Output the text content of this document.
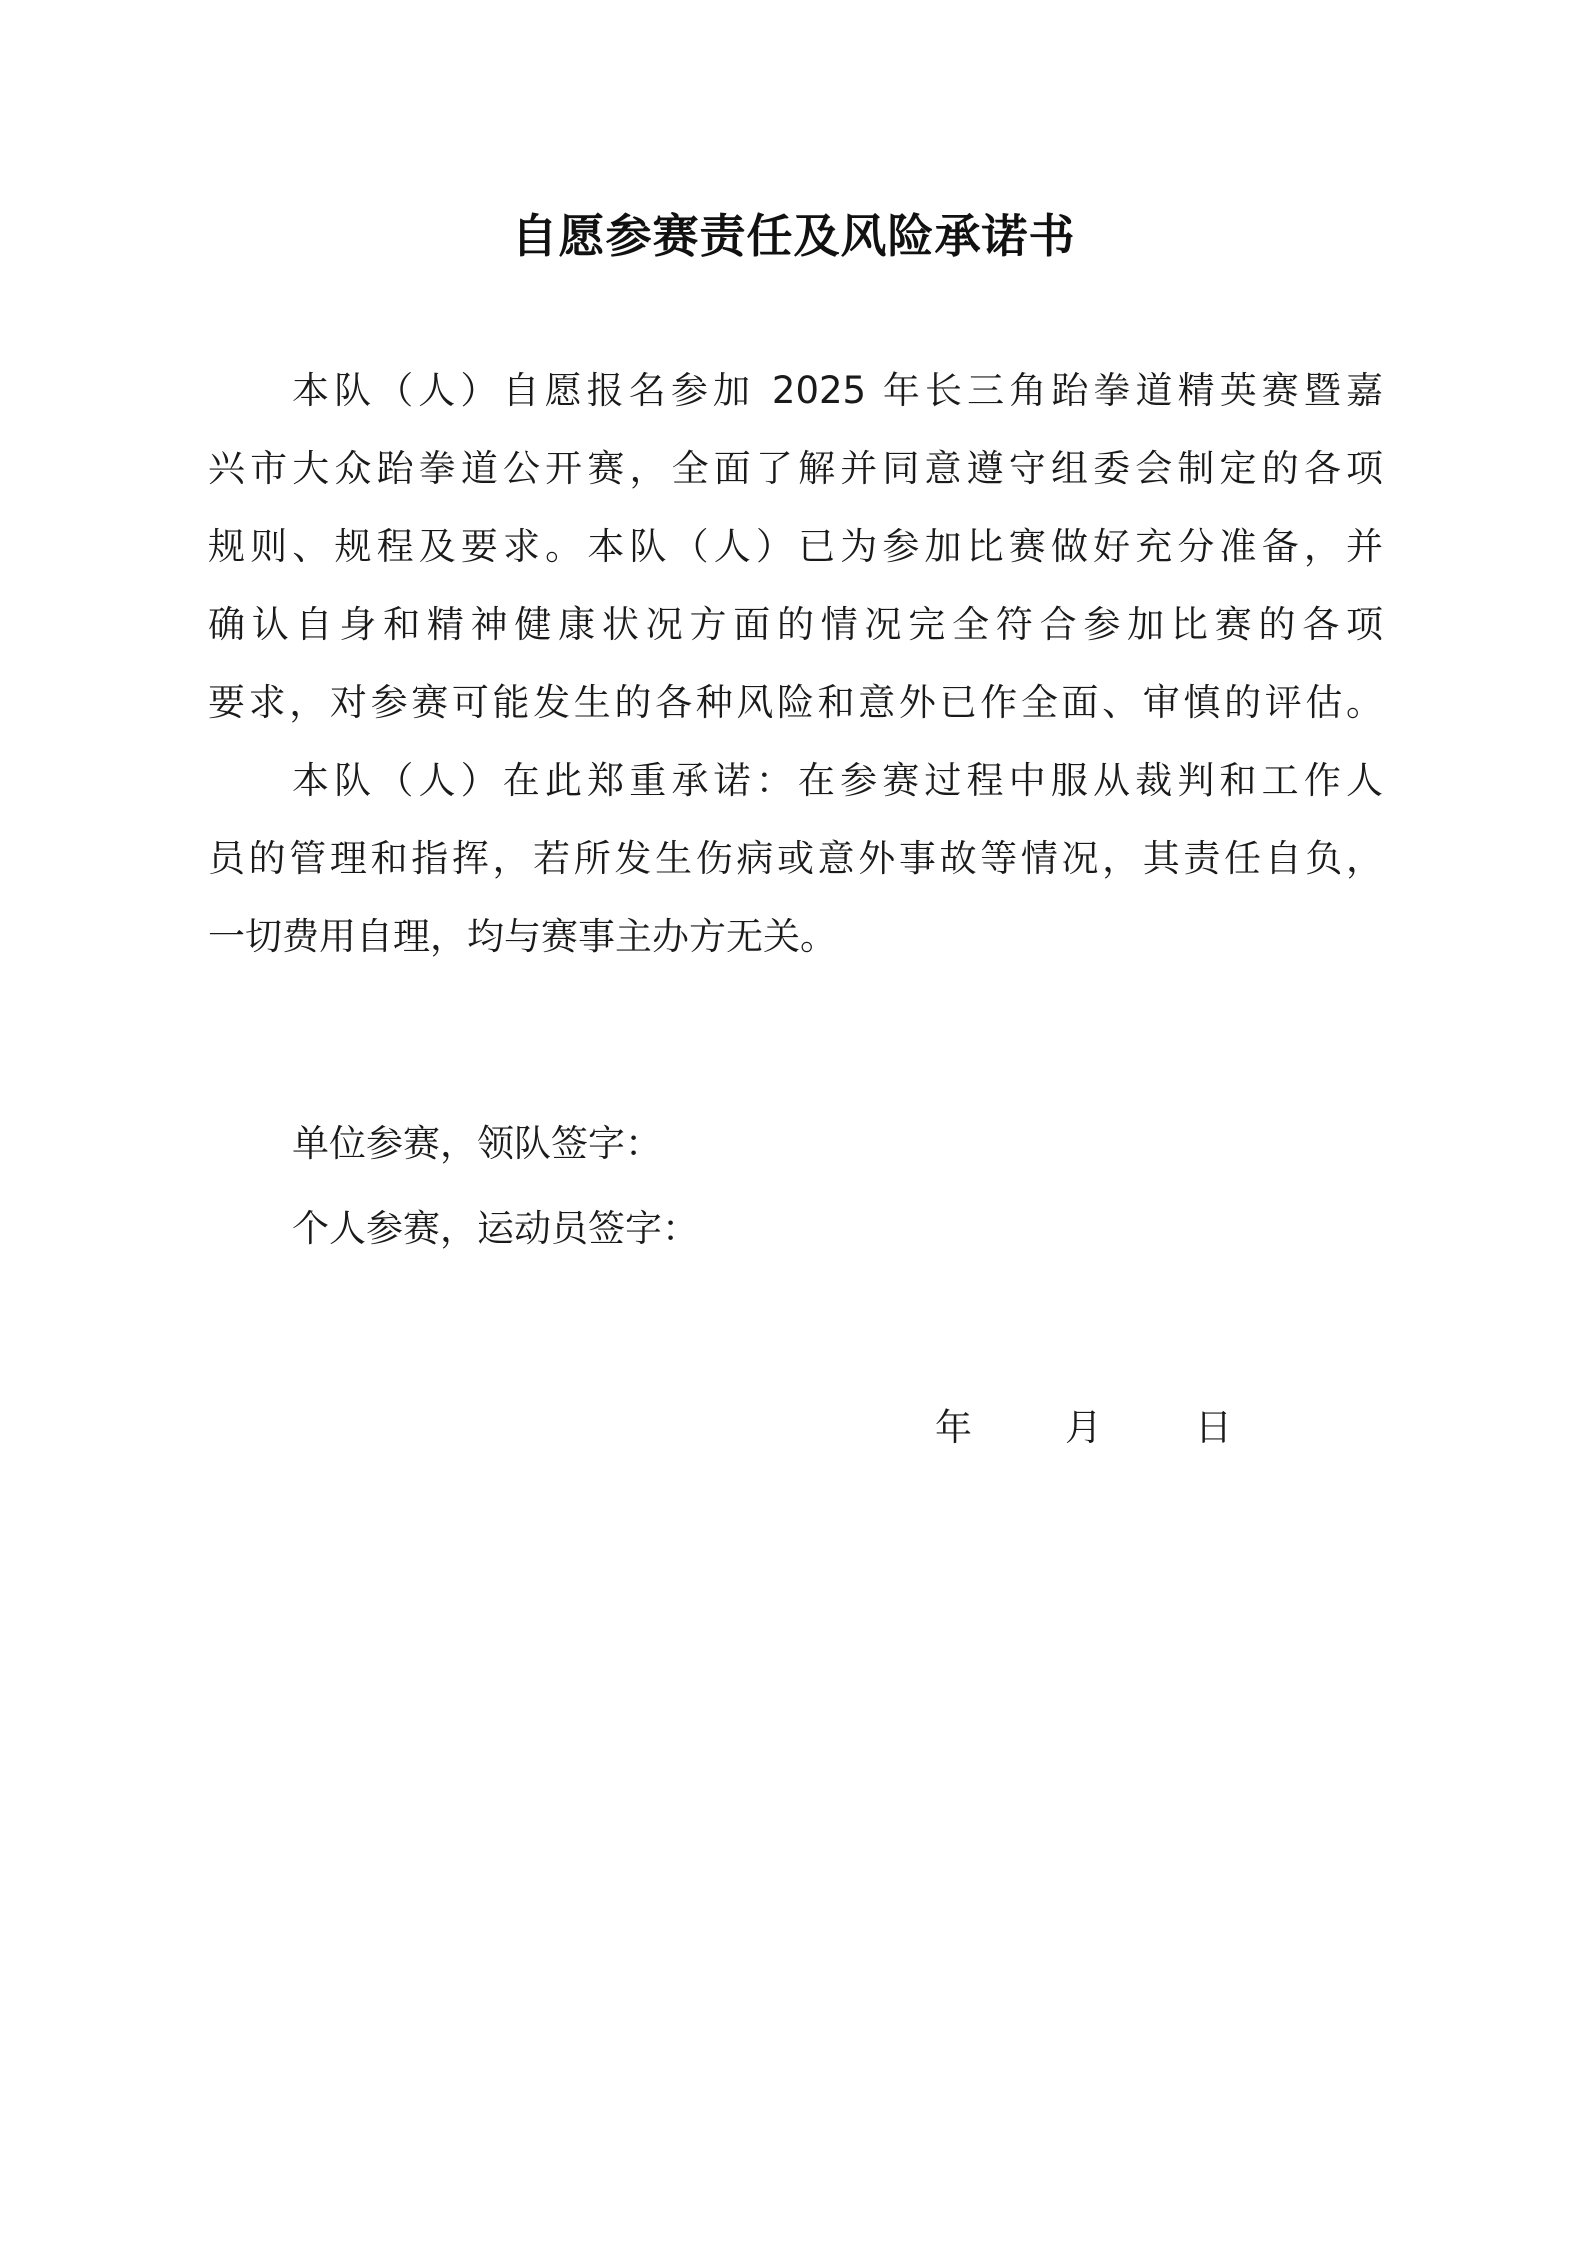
自愿参赛责任及风险承诺书
本队（人）自愿报名参加 2025 年长三角跆拳道精英赛暨嘉
兴市大众跆拳道公开赛，全面了解并同意遵守组委会制定的各项
规则、规程及要求。本队（人）已为参加比赛做好充分准备，并
确认自身和精神健康状况方面的情况完全符合参加比赛的各项
要求，对参赛可能发生的各种风险和意外已作全面、审慎的评估。
本队（人）在此郑重承诺：在参赛过程中服从裁判和工作人
员的管理和指挥，若所发生伤病或意外事故等情况，其责任自负，
一切费用自理，均与赛事主办方无关。
单位参赛，领队签字：
个人参赛，运动员签字：
年	月	日
